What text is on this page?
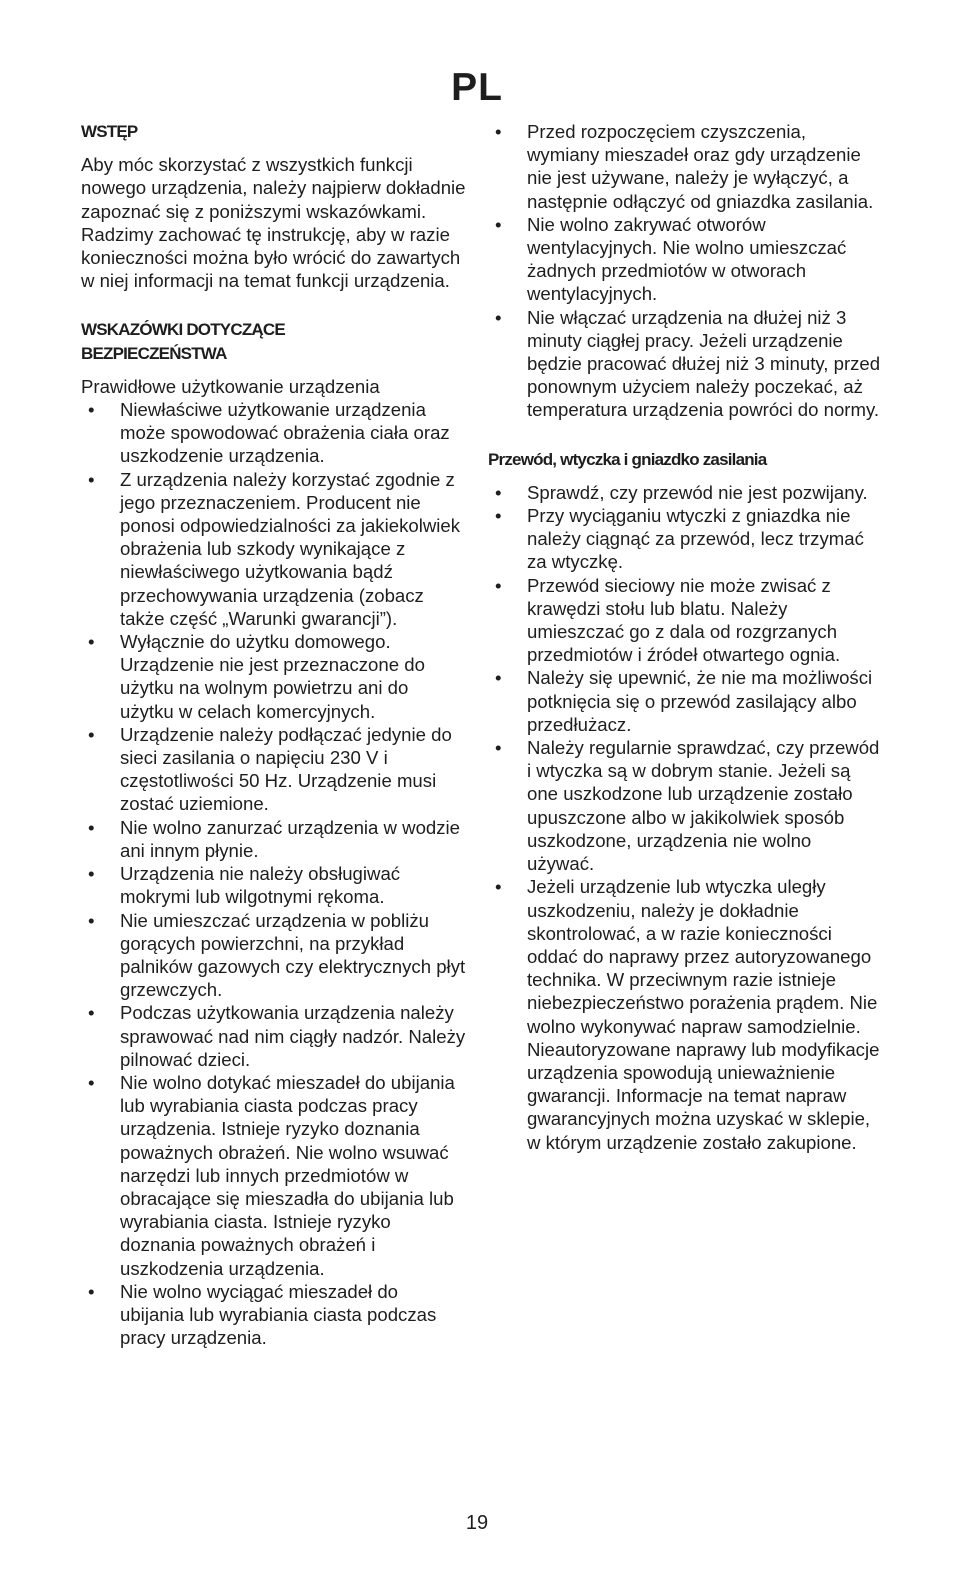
PL
WSTĘP

Aby móc skorzystać z wszystkich funkcji nowego urządzenia, należy najpierw dokładnie zapoznać się z poniższymi wskazówkami. Radzimy zachować tę instrukcję, aby w razie konieczności można było wrócić do zawartych w niej informacji na temat funkcji urządzenia.

WSKAZÓWKI DOTYCZĄCE
BEZPIECZEŃSTWA

Prawidłowe użytkowanie urządzenia

• Niewłaściwe użytkowanie urządzenia może spowodować obrażenia ciała oraz uszkodzenie urządzenia.
• Z urządzenia należy korzystać zgodnie z jego przeznaczeniem. Producent nie ponosi odpowiedzialności za jakiekolwiek obrażenia lub szkody wynikające z niewłaściwego użytkowania bądź przechowywania urządzenia (zobacz także część „Warunki gwarancji”).
• Wyłącznie do użytku domowego. Urządzenie nie jest przeznaczone do użytku na wolnym powietrzu ani do użytku w celach komercyjnych.
• Urządzenie należy podłączać jedynie do sieci zasilania o napięciu 230 V i częstotliwości 50 Hz. Urządzenie musi zostać uziemione.
• Nie wolno zanurzać urządzenia w wodzie ani innym płynie.
• Urządzenia nie należy obsługiwać mokrymi lub wilgotnymi rękoma.
• Nie umieszczać urządzenia w pobliżu gorących powierzchni, na przykład palników gazowych czy elektrycznych płyt grzewczych.
• Podczas użytkowania urządzenia należy sprawować nad nim ciągły nadzór. Należy pilnować dzieci.
• Nie wolno dotykać mieszadeł do ubijania lub wyrabiania ciasta podczas pracy urządzenia. Istnieje ryzyko doznania poważnych obrażeń. Nie wolno wsuwać narzędzi lub innych przedmiotów w obracające się mieszadła do ubijania lub wyrabiania ciasta. Istnieje ryzyko doznania poważnych obrażeń i uszkodzenia urządzenia.
• Nie wolno wyciągać mieszadeł do ubijania lub wyrabiania ciasta podczas pracy urządzenia.
• Przed rozpoczęciem czyszczenia, wymiany mieszadeł oraz gdy urządzenie nie jest używane, należy je wyłączyć, a następnie odłączyć od gniazdka zasilania.
• Nie wolno zakrywać otworów wentylacyjnych. Nie wolno umieszczać żadnych przedmiotów w otworach wentylacyjnych.
• Nie włączać urządzenia na dłużej niż 3 minuty ciągłej pracy. Jeżeli urządzenie będzie pracować dłużej niż 3 minuty, przed ponownym użyciem należy poczekać, aż temperatura urządzenia powróci do normy.
Przewód, wtyczka i gniazdko zasilania
• Sprawdź, czy przewód nie jest pozwijany.
• Przy wyciąganiu wtyczki z gniazdka nie należy ciągnąć za przewód, lecz trzymać za wtyczkę.
• Przewód sieciowy nie może zwisać z krawędzi stołu lub blatu. Należy umieszczać go z dala od rozgrzanych przedmiotów i źródeł otwartego ognia.
• Należy się upewnić, że nie ma możliwości potknięcia się o przewód zasilający albo przedłużacz.
• Należy regularnie sprawdzać, czy przewód i wtyczka są w dobrym stanie. Jeżeli są one uszkodzone lub urządzenie zostało upuszczone albo w jakikolwiek sposób uszkodzone, urządzenia nie wolno używać.
• Jeżeli urządzenie lub wtyczka uległy uszkodzeniu, należy je dokładnie skontrolować, a w razie konieczności oddać do naprawy przez autoryzowanego technika. W przeciwnym razie istnieje niebezpieczeństwo porażenia prądem. Nie wolno wykonywać napraw samodzielnie. Nieautoryzowane naprawy lub modyfikacje urządzenia spowodują unieważnienie gwarancji. Informacje na temat napraw gwarancyjnych można uzyskać w sklepie, w którym urządzenie zostało zakupione.
19
